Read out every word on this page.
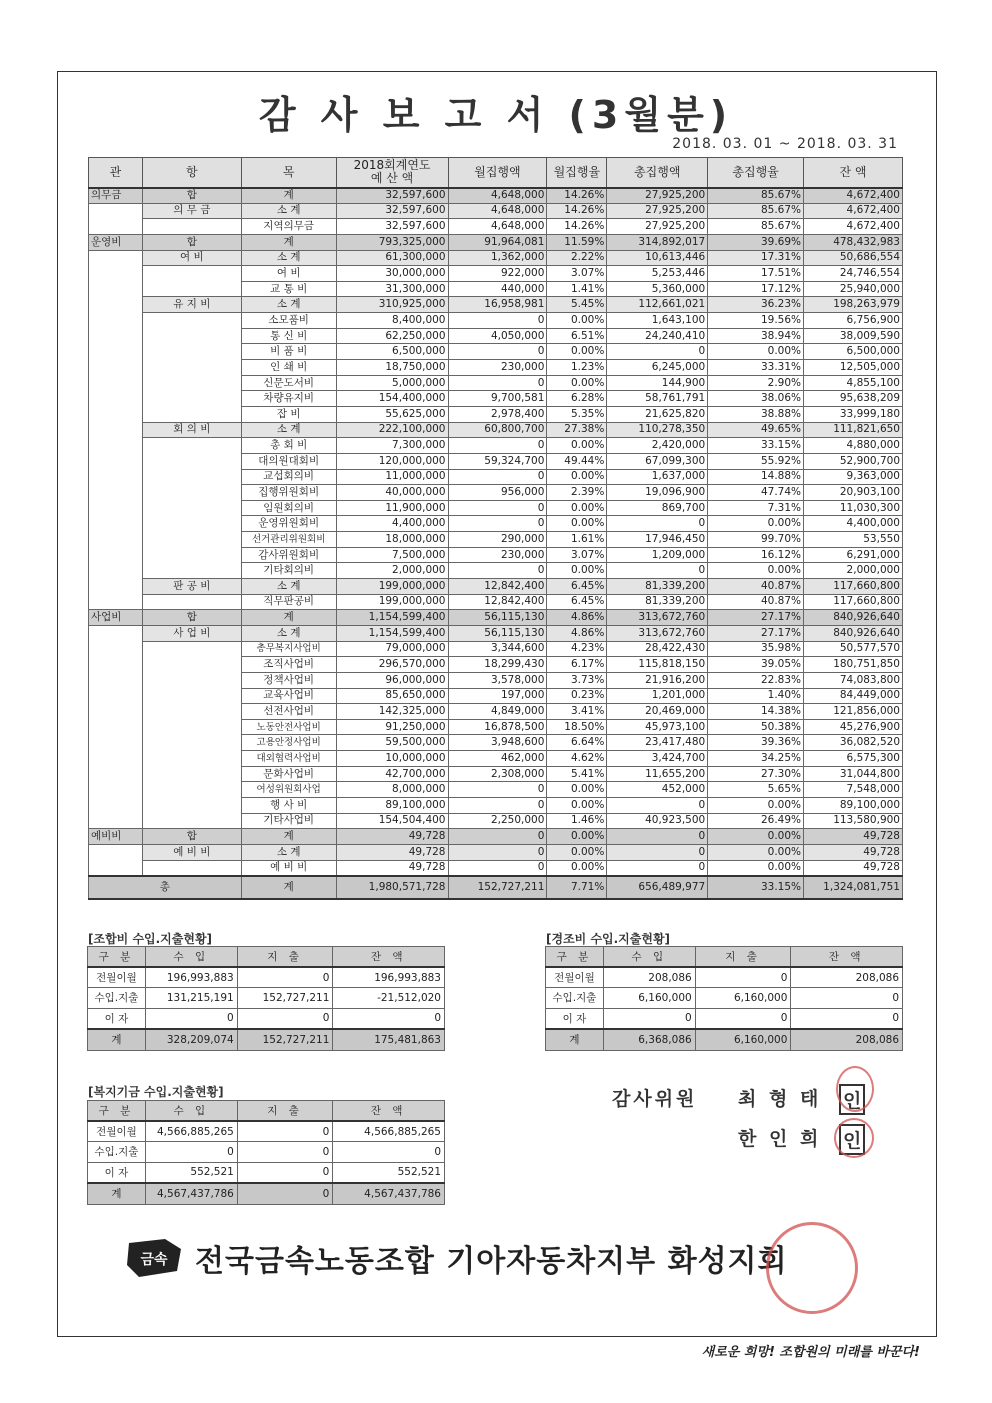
감 사 보 고 서 (3월분)
2018. 03. 01 ~ 2018. 03. 31
관	항	목	2018회계연도
예 산 액	월집행액	월집행율	총집행액	총집행율	잔 액
의무금	합	계	32,597,600	4,648,000	14.26%	27,925,200	85.67%	4,672,400
	의 무 금	소 계	32,597,600	4,648,000	14.26%	27,925,200	85.67%	4,672,400
		지역의무금	32,597,600	4,648,000	14.26%	27,925,200	85.67%	4,672,400
운영비	합	계	793,325,000	91,964,081	11.59%	314,892,017	39.69%	478,432,983
	여 비	소 계	61,300,000	1,362,000	2.22%	10,613,446	17.31%	50,686,554
		여 비	30,000,000	922,000	3.07%	5,253,446	17.51%	24,746,554
		교 통 비	31,300,000	440,000	1.41%	5,360,000	17.12%	25,940,000
	유 지 비	소 계	310,925,000	16,958,981	5.45%	112,661,021	36.23%	198,263,979
		소모품비	8,400,000	0	0.00%	1,643,100	19.56%	6,756,900
		통 신 비	62,250,000	4,050,000	6.51%	24,240,410	38.94%	38,009,590
		비 품 비	6,500,000	0	0.00%	0	0.00%	6,500,000
		인 쇄 비	18,750,000	230,000	1.23%	6,245,000	33.31%	12,505,000
		신문도서비	5,000,000	0	0.00%	144,900	2.90%	4,855,100
		차량유지비	154,400,000	9,700,581	6.28%	58,761,791	38.06%	95,638,209
		잡 비	55,625,000	2,978,400	5.35%	21,625,820	38.88%	33,999,180
	회 의 비	소 계	222,100,000	60,800,700	27.38%	110,278,350	49.65%	111,821,650
		총 회 비	7,300,000	0	0.00%	2,420,000	33.15%	4,880,000
		대의원대회비	120,000,000	59,324,700	49.44%	67,099,300	55.92%	52,900,700
		교섭회의비	11,000,000	0	0.00%	1,637,000	14.88%	9,363,000
		집행위원회비	40,000,000	956,000	2.39%	19,096,900	47.74%	20,903,100
		임원회의비	11,900,000	0	0.00%	869,700	7.31%	11,030,300
		운영위원회비	4,400,000	0	0.00%	0	0.00%	4,400,000
		선거관리위원회비	18,000,000	290,000	1.61%	17,946,450	99.70%	53,550
		감사위원회비	7,500,000	230,000	3.07%	1,209,000	16.12%	6,291,000
		기타회의비	2,000,000	0	0.00%	0	0.00%	2,000,000
	판 공 비	소 계	199,000,000	12,842,400	6.45%	81,339,200	40.87%	117,660,800
		직무판공비	199,000,000	12,842,400	6.45%	81,339,200	40.87%	117,660,800
사업비	합	계	1,154,599,400	56,115,130	4.86%	313,672,760	27.17%	840,926,640
	사 업 비	소 계	1,154,599,400	56,115,130	4.86%	313,672,760	27.17%	840,926,640
		총무복지사업비	79,000,000	3,344,600	4.23%	28,422,430	35.98%	50,577,570
		조직사업비	296,570,000	18,299,430	6.17%	115,818,150	39.05%	180,751,850
		정책사업비	96,000,000	3,578,000	3.73%	21,916,200	22.83%	74,083,800
		교육사업비	85,650,000	197,000	0.23%	1,201,000	1.40%	84,449,000
		선전사업비	142,325,000	4,849,000	3.41%	20,469,000	14.38%	121,856,000
		노동안전사업비	91,250,000	16,878,500	18.50%	45,973,100	50.38%	45,276,900
		고용안정사업비	59,500,000	3,948,600	6.64%	23,417,480	39.36%	36,082,520
		대외협력사업비	10,000,000	462,000	4.62%	3,424,700	34.25%	6,575,300
		문화사업비	42,700,000	2,308,000	5.41%	11,655,200	27.30%	31,044,800
		여성위원회사업	8,000,000	0	0.00%	452,000	5.65%	7,548,000
		행 사 비	89,100,000	0	0.00%	0	0.00%	89,100,000
		기타사업비	154,504,400	2,250,000	1.46%	40,923,500	26.49%	113,580,900
예비비	합	계	49,728	0	0.00%	0	0.00%	49,728
	예 비 비	소 계	49,728	0	0.00%	0	0.00%	49,728
		예 비 비	49,728	0	0.00%	0	0.00%	49,728
총		계	1,980,571,728	152,727,211	7.71%	656,489,977	33.15%	1,324,081,751
[조합비 수입.지출현황]
구 분	수 입	지 출	잔 액
전월이월	196,993,883	0	196,993,883
수입.지출	131,215,191	152,727,211	-21,512,020
이 자	0	0	0
계	328,209,074	152,727,211	175,481,863
[경조비 수입.지출현황]
구 분	수 입	지 출	잔 액
전월이월	208,086	0	208,086
수입.지출	6,160,000	6,160,000	0
이 자	0	0	0
계	6,368,086	6,160,000	208,086
[복지기금 수입.지출현황]
구 분	수 입	지 출	잔 액
전월이월	4,566,885,265	0	4,566,885,265
수입.지출	0	0	0
이 자	552,521	0	552,521
계	4,567,437,786	0	4,567,437,786
감사위원 최 형 태
한 인 희
인
인
금속 전국금속노동조합 기아자동차지부 화성지회
새로운 희망! 조합원의 미래를 바꾼다!
